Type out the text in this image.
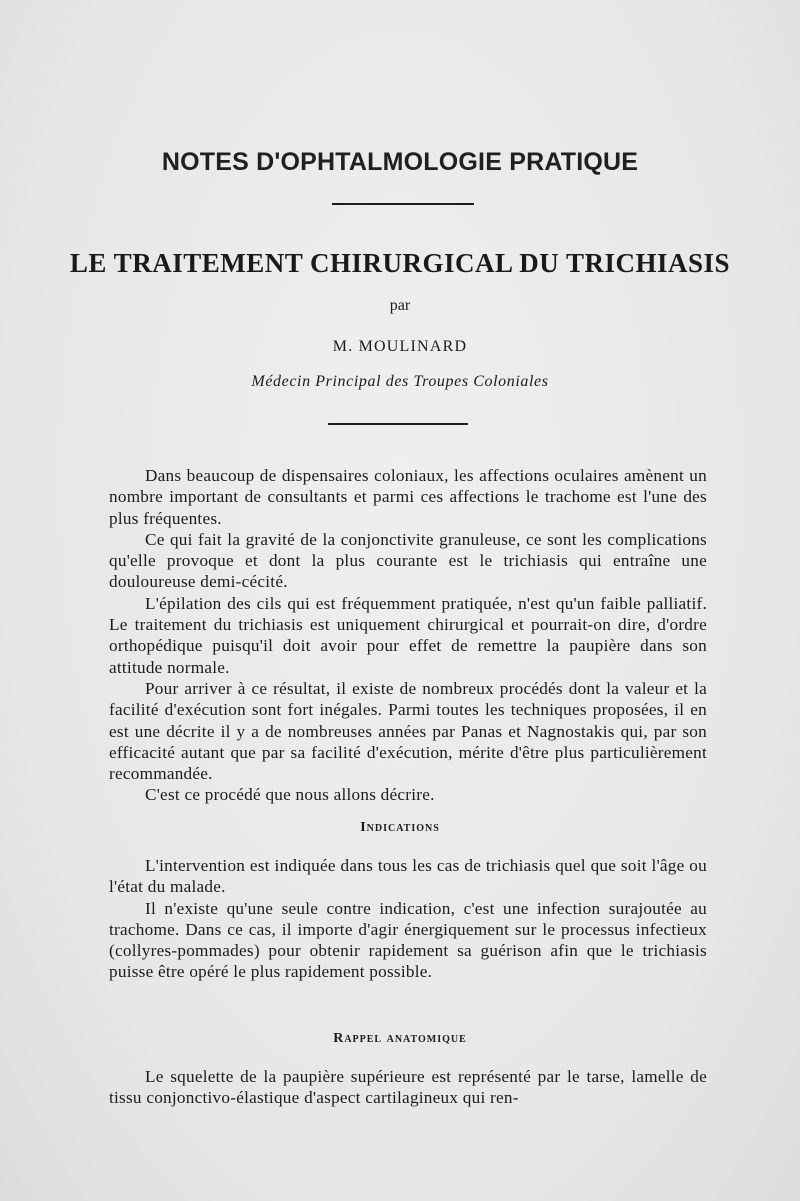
NOTES D'OPHTALMOLOGIE PRATIQUE
LE TRAITEMENT CHIRURGICAL DU TRICHIASIS

par

M. MOULINARD

Médecin Principal des Troupes Coloniales

Dans beaucoup de dispensaires coloniaux, les affections oculaires amènent un nombre important de consultants et parmi ces affections le trachome est l'une des plus fréquentes.

Ce qui fait la gravité de la conjonctivite granuleuse, ce sont les complications qu'elle provoque et dont la plus courante est le trichiasis qui entraîne une douloureuse demi-cécité.

L'épilation des cils qui est fréquemment pratiquée, n'est qu'un faible palliatif. Le traitement du trichiasis est uniquement chirurgical et pourrait-on dire, d'ordre orthopédique puisqu'il doit avoir pour effet de remettre la paupière dans son attitude normale.

Pour arriver à ce résultat, il existe de nombreux procédés dont la valeur et la facilité d'exécution sont fort inégales. Parmi toutes les techniques proposées, il en est une décrite il y a de nombreuses années par Panas et Nagnostakis qui, par son efficacité autant que par sa facilité d'exécution, mérite d'être plus particulièrement recommandée.

C'est ce procédé que nous allons décrire.

Indications

L'intervention est indiquée dans tous les cas de trichiasis quel que soit l'âge ou l'état du malade.

Il n'existe qu'une seule contre indication, c'est une infection surajoutée au trachome. Dans ce cas, il importe d'agir énergiquement sur le processus infectieux (collyres-pommades) pour obtenir rapidement sa guérison afin que le trichiasis puisse être opéré le plus rapidement possible.

Rappel anatomique

Le squelette de la paupière supérieure est représenté par le tarse, lamelle de tissu conjonctivo-élastique d'aspect cartilagineux qui ren-
